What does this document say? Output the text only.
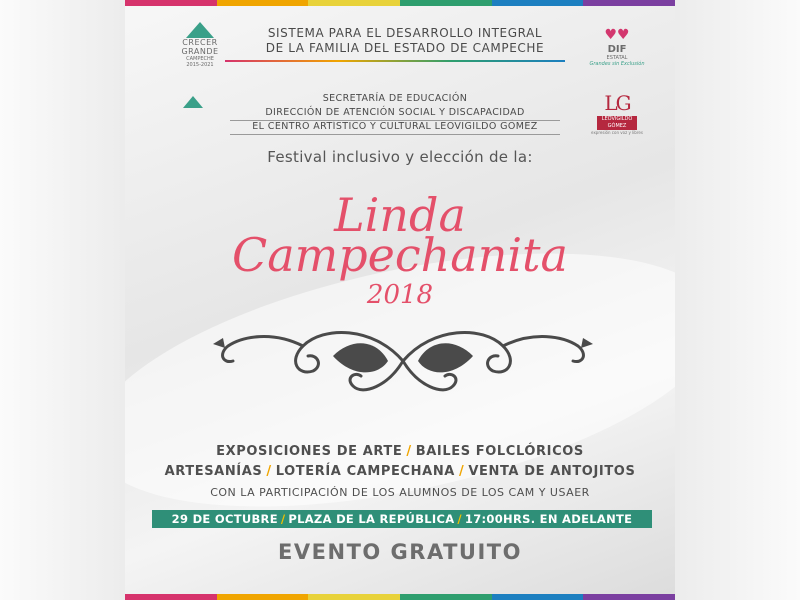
CRECER
GRANDE
CAMPECHE
2015-2021
SISTEMA PARA EL DESARROLLO INTEGRAL
DE LA FAMILIA DEL ESTADO DE CAMPECHE
♥♥
DIF
ESTATAL
Grandes sin Exclusión
SECRETARÍA DE EDUCACIÓN
DIRECCIÓN DE ATENCIÓN SOCIAL Y DISCAPACIDAD
EL CENTRO ARTÍSTICO Y CULTURAL LEOVIGILDO GÓMEZ
LG
LEOVIGILDO GÓMEZ
expresión con voz y libres
Festival inclusivo y elección de la:
Linda
Campechanita
2018
EXPOSICIONES DE ARTE / BAILES FOLCLÓRICOS
ARTESANÍAS / LOTERÍA CAMPECHANA / VENTA DE ANTOJITOS
CON LA PARTICIPACIÓN DE LOS ALUMNOS DE LOS CAM Y USAER
29 DE OCTUBRE / PLAZA DE LA REPÚBLICA / 17:00HRS. EN ADELANTE
EVENTO GRATUITO
